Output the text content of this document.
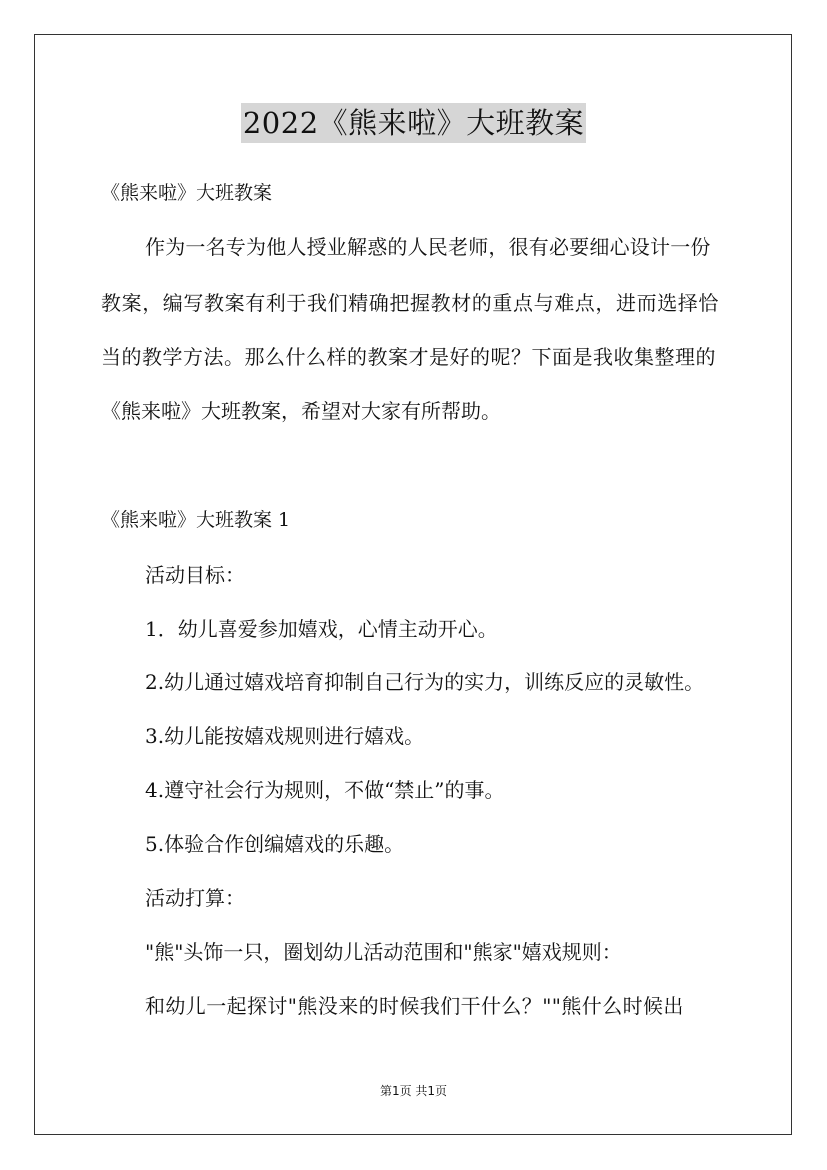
2022《熊来啦》大班教案
《熊来啦》大班教案
作为一名专为他人授业解惑的人民老师，很有必要细心设计一份
教案，编写教案有利于我们精确把握教材的重点与难点，进而选择恰
当的教学方法。那么什么样的教案才是好的呢？下面是我收集整理的
《熊来啦》大班教案，希望对大家有所帮助。
《熊来啦》大班教案 1
活动目标：
1．幼儿喜爱参加嬉戏，心情主动开心。
2.幼儿通过嬉戏培育抑制自己行为的实力，训练反应的灵敏性。
3.幼儿能按嬉戏规则进行嬉戏。
4.遵守社会行为规则，不做“禁止”的事。
5.体验合作创编嬉戏的乐趣。
活动打算：
"熊"头饰一只，圈划幼儿活动范围和"熊家"嬉戏规则：
和幼儿一起探讨"熊没来的时候我们干什么？""熊什么时候出
第1页 共1页
